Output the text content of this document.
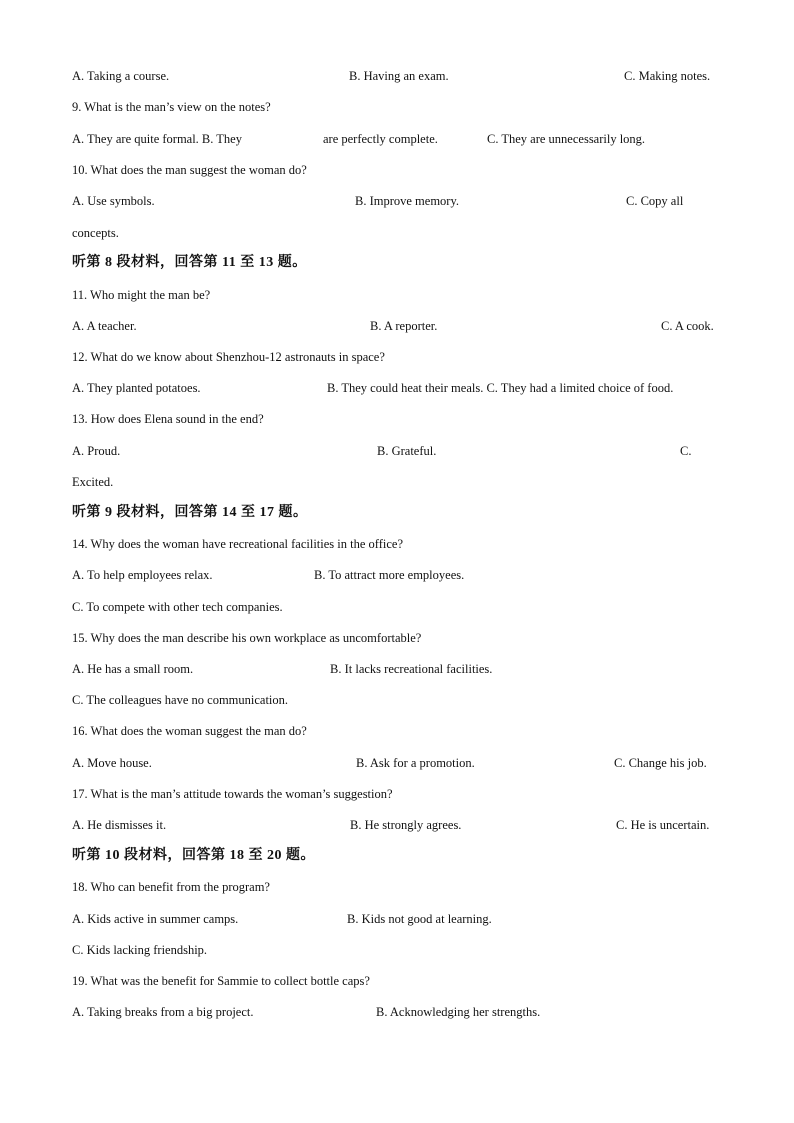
A. Taking a course.	B. Having an exam.	C. Making notes.
9. What is the man’s view on the notes?
A. They are quite formal. B. They	are perfectly complete.	C. They are unnecessarily long.
10. What does the man suggest the woman do?
A. Use symbols.	B. Improve memory.	C. Copy all
concepts.
听第 8 段材料，回答第 11 至 13 题。
11. Who might the man be?
A. A teacher.	B. A reporter.	C. A cook.
12. What do we know about Shenzhou-12 astronauts in space?
A. They planted potatoes.	B. They could heat their meals. C. They had a limited choice of food.
13. How does Elena sound in the end?
A. Proud.	B. Grateful.	C.
Excited.
听第 9 段材料，回答第 14 至 17 题。
14. Why does the woman have recreational facilities in the office?
A. To help employees relax.	B. To attract more employees.
C. To compete with other tech companies.
15. Why does the man describe his own workplace as uncomfortable?
A. He has a small room.	B. It lacks recreational facilities.
C. The colleagues have no communication.
16. What does the woman suggest the man do?
A. Move house.	B. Ask for a promotion.	C. Change his job.
17. What is the man’s attitude towards the woman’s suggestion?
A. He dismisses it.	B. He strongly agrees.	C. He is uncertain.
听第 10 段材料，回答第 18 至 20 题。
18. Who can benefit from the program?
A. Kids active in summer camps.	B. Kids not good at learning.
C. Kids lacking friendship.
19. What was the benefit for Sammie to collect bottle caps?
A. Taking breaks from a big project.	B. Acknowledging her strengths.
